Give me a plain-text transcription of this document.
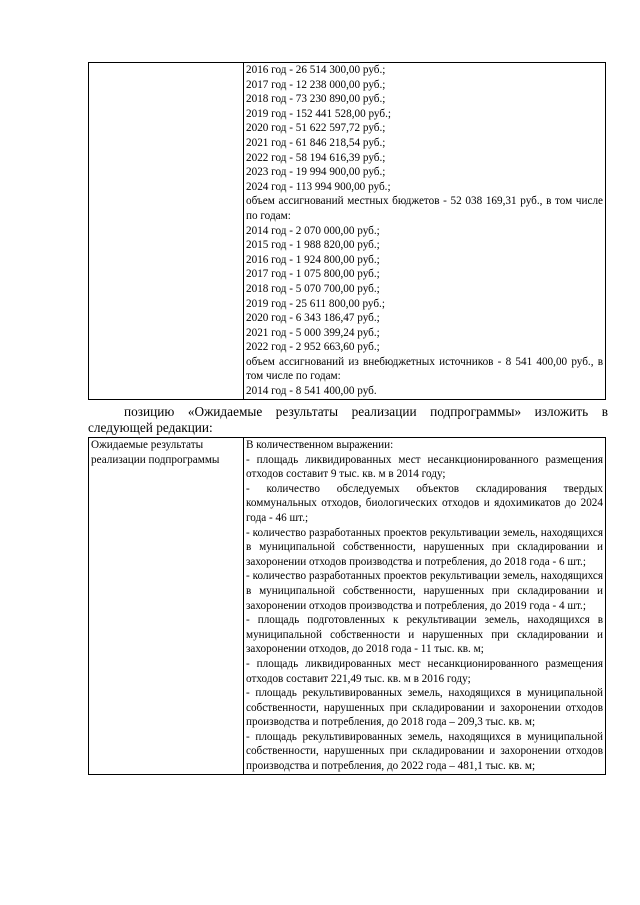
2016 год - 26 514 300,00 руб.;
2017 год - 12 238 000,00 руб.;
2018 год - 73 230 890,00 руб.;
2019 год - 152 441 528,00 руб.;
2020 год - 51 622 597,72 руб.;
2021 год - 61 846 218,54 руб.;
2022 год - 58 194 616,39 руб.;
2023 год - 19 994 900,00 руб.;
2024 год - 113 994 900,00 руб.;
объем ассигнований местных бюджетов - 52 038 169,31 руб., в том числе по годам:
2014 год - 2 070 000,00 руб.;
2015 год - 1 988 820,00 руб.;
2016 год - 1 924 800,00 руб.;
2017 год - 1 075 800,00 руб.;
2018 год - 5 070 700,00 руб.;
2019 год - 25 611 800,00 руб.;
2020 год - 6 343 186,47 руб.;
2021 год - 5 000 399,24 руб.;
2022 год - 2 952 663,60 руб.;
объем ассигнований из внебюджетных источников - 8 541 400,00 руб., в том числе по годам:
2014 год - 8 541 400,00 руб.
позицию «Ожидаемые результаты реализации подпрограммы» изложить в следующей редакции:
Ожидаемые результаты реализации подпрограммы

В количественном выражении:
- площадь ликвидированных мест несанкционированного размещения отходов составит 9 тыс. кв. м в 2014 году;
- количество обследуемых объектов складирования твердых коммунальных отходов, биологических отходов и ядохимикатов до 2024 года - 46 шт.;
- количество разработанных проектов рекультивации земель, находящихся в муниципальной собственности, нарушенных при складировании и захоронении отходов производства и потребления, до 2018 года - 6 шт.;
- количество разработанных проектов рекультивации земель, находящихся в муниципальной собственности, нарушенных при складировании и захоронении отходов производства и потребления, до 2019 года - 4 шт.;
- площадь подготовленных к рекультивации земель, находящихся в муниципальной собственности и нарушенных при складировании и захоронении отходов, до 2018 года - 11 тыс. кв. м;
- площадь ликвидированных мест несанкционированного размещения отходов составит 221,49 тыс. кв. м в 2016 году;
- площадь рекультивированных земель, находящихся в муниципальной собственности, нарушенных при складировании и захоронении отходов производства и потребления, до 2018 года – 209,3 тыс. кв. м;
- площадь рекультивированных земель, находящихся в муниципальной собственности, нарушенных при складировании и захоронении отходов производства и потребления, до 2022 года – 481,1 тыс. кв. м;
